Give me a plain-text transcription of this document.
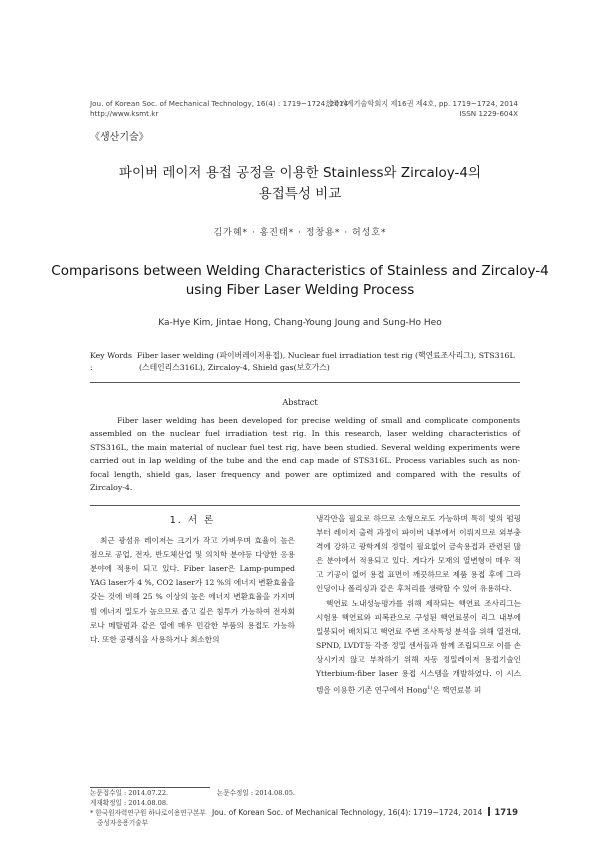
Jou. of Korean Soc. of Mechanical Technology, 16(4) : 1719~1724, 2014
http://www.ksmt.kr
한국기계기술학회지 제16권 제4호, pp. 1719~1724, 2014
ISSN 1229-604X
《생산기술》
파이버 레이저 용접 공정을 이용한 Stainless와 Zircaloy-4의
용접특성 비교
김가혜* · 홍진태* · 정창용* · 허성호*
Comparisons between Welding Characteristics of Stainless and Zircaloy-4
using Fiber Laser Welding Process
Ka-Hye Kim, Jintae Hong, Chang-Young Joung and Sung-Ho Heo
Key Words :
Fiber laser welding (파이버레이저용접), Nuclear fuel irradiation test rig (핵연료조사리그), STS316L
(스테인리스316L), Zircaloy-4, Shield gas(보호가스)
Abstract
Fiber laser welding has been developed for precise welding of small and complicate components assembled on the nuclear fuel irradiation test rig. In this research, laser welding characteristics of STS316L, the main material of nuclear fuel test rig, have been studied. Several welding experiments were carried out in lap welding of the tube and the end cap made of STS316L. Process variables such as non-focal length, shield gas, laser frequency and power are optimized and compared with the results of Zircaloy-4.
1. 서 론

최근 광섬유 레이저는 크기가 작고 가벼우며 효율이 높은 점으로 공업, 전자, 반도체산업 및 의치학 분야등 다양한 응용분야에 적용이 되고 있다. Fiber laser은 Lamp-pumped YAG laser가 4 %, CO2 laser가 12 %의 에너지 변환효율을 갖는 것에 비해 25 % 이상의 높은 에너지 변환효율을 가지며 빔 에너지 밀도가 높으므로 좁고 깊은 침투가 가능하여 전자회로나 메탈펌과 같은 열에 매우 민감한 부품의 용접도 가능하다. 또한 공랭식을 사용하거나 최소한의

냉각만을 필요로 하므로 소형으로도 가능하며 특히 빛의 펌핑부터 레이저 출력 과정이 파이버 내부에서 이뤄지므로 외부충격에 강하고 광학계의 정렬이 필요없어 금속용접과 관련된 많은 분야에서 적용되고 있다. 게다가 모재의 열변형이 매우 적고 기공이 없어 용접 표면이 깨끗하므로 제품 용접 후에 그라인딩이나 폴리싱과 같은 후처리를 생략할 수 있어 유용하다.

핵연료 노내성능평가를 위해 제작되는 핵연료 조사리그는 시험용 핵연료와 피복관으로 구성된 핵연료봉이 리그 내부에 밀봉되어 배치되고 핵연료 주변 조사특성 분석을 위해 열전대, SPND, LVDT등 각종 정밀 센서들과 함께 조립되므로 이를 손상시키지 않고 부착하기 위해 자동 정밀레이저 용접기술인 Ytterbium-fiber laser 용접 시스템을 개발하였다. 이 시스템을 이용한 기존 연구에서 Hong$^{1)}$은 핵연료봉 피

논문접수일 : 2014.07.22.	논문수정일 : 2014.08.05.
게재확정일 : 2014.08.08.
* 한국원자력연구원 하나로이용연구본부
중성자응용기술부
Jou. of Korean Soc. of Mechanical Technology, 16(4): 1719~1724, 2014 1719
